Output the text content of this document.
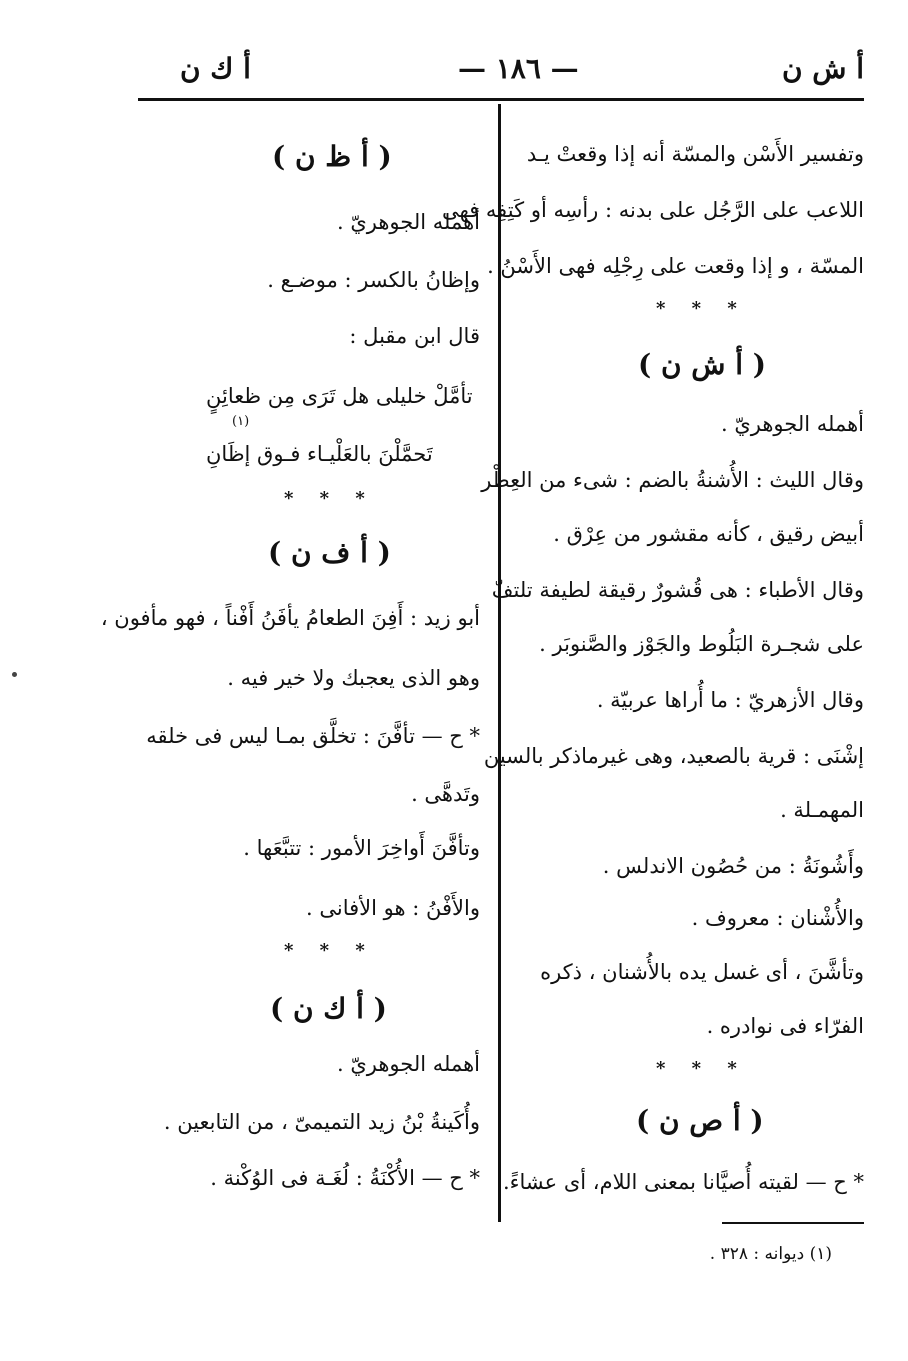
أ ش ن
— ١٨٦ —
أ ك ن
وتفسير الأَسْن والمسّة أنه إذا وقعتْ يـد
اللاعب على الرَّجُل على بدنه : رأسِه أو كَتِفِه فهى
المسّة ، و إذا وقعت على رِجْلِه فهى الأَسْنُ .
* * *
( أ ش ن )
أهمله الجوهريّ .
وقال الليث : الأُشنةُ بالضم : شىء من العِطْر
أبيض رقيق ، كأنه مقشور من عِرْق .
وقال الأطباء : هى قُشورٌ رقيقة لطيفة تلتفّ
على شجـرة البَلُوط والجَوْز والصَّنوبَر .
وقال الأزهريّ : ما أُراها عربيّة .
إشْنَى : قرية بالصعيد، وهى غيرماذكر بالسين
المهمـلة .
وأَشُونَةُ : من حُصُون الاندلس .
والأُشْنان : معروف .
وتأشَّنَ ، أى غسل يده بالأُشنان ، ذكره
الفرّاء فى نوادره .
* * *
( أ ص ن )
* ح — لقيته أُصيَّانا بمعنى اللام، أى عشاءً.
( أ ظ ن )
أهمله الجوهريّ .
وإظانُ بالكسر : موضـع .
قال ابن مقبل :
تأمَّلْ خليلى هل تَرَى مِن ظعائِنٍ
(١)
تَحمَّلْنَ بالعَلْيـاء فـوق إظَانِ
* * *
( أ ف ن )
أبو زيد : أَفِنَ الطعامُ يأفَنُ أَفْناً ، فهو مأفون ،
وهو الذى يعجبك ولا خير فيه .
* ح — تأفَّنَ : تخلَّق بمـا ليس فى خلقه
وتَدهَّى .
وتأفَّنَ أَواخِرَ الأمور : تتبَّعَها .
والأَفْنُ : هو الأفانى .
* * *
( أ ك ن )
أهمله الجوهريّ .
وأُكَينةُ بْنُ زيد التميمىّ ، من التابعين .
* ح — الأُكْنَةُ : لُغَـة فى الوُكْنة .
(١) ديوانه : ٣٢٨ .
